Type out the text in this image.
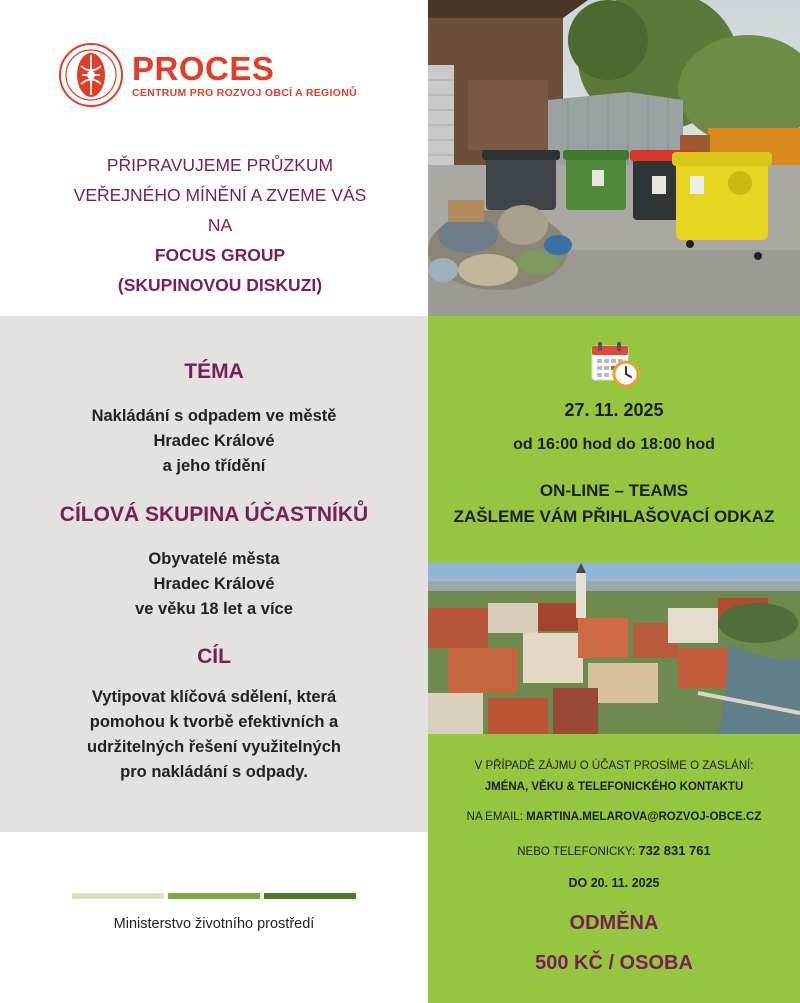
PROCES
CENTRUM PRO ROZVOJ OBCÍ A REGIONŮ
PŘIPRAVUJEME PRŮZKUM
VEŘEJNÉHO MÍNĚNÍ A ZVEME VÁS NA
FOCUS GROUP
(SKUPINOVOU DISKUZI)
TÉMA
Nakládání s odpadem ve městě
Hradec Králové
a jeho třídění
CÍLOVÁ SKUPINA ÚČASTNÍKŮ
Obyvatelé města
Hradec Králové
ve věku 18 let a více
CÍL
Vytipovat klíčová sdělení, která
pomohou k tvorbě efektivních a
udržitelných řešení využitelných
pro nakládání s odpady.
Ministerstvo životního prostředí
27. 11. 2025
od 16:00 hod do 18:00 hod
ON-LINE – TEAMS
ZAŠLEME VÁM PŘIHLAŠOVACÍ ODKAZ
V PŘÍPADĚ ZÁJMU O ÚČAST PROSÍME O ZASLÁNÍ:
JMÉNA, VĚKU & TELEFONICKÉHO KONTAKTU
NA EMAIL: MARTINA.MELAROVA@ROZVOJ-OBCE.CZ
NEBO TELEFONICKY: 732 831 761
DO 20. 11. 2025
ODMĚNA
500 KČ / OSOBA
